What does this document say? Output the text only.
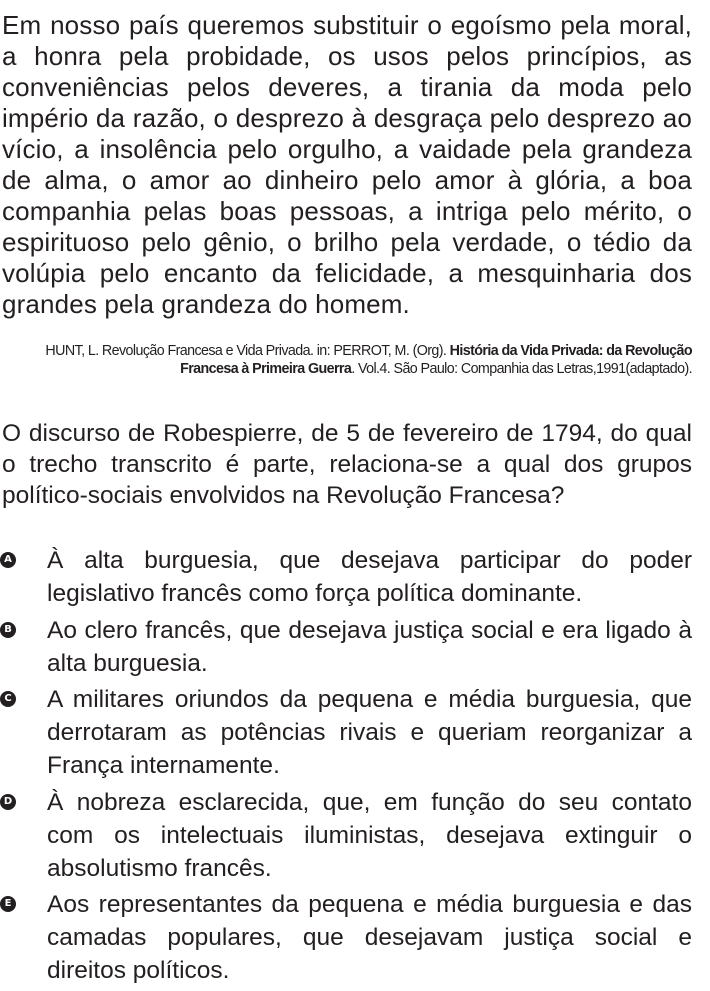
Em nosso país queremos substituir o egoísmo pela moral, a honra pela probidade, os usos pelos princípios, as conveniências pelos deveres, a tirania da moda pelo império da razão, o desprezo à desgraça pelo desprezo ao vício, a insolência pelo orgulho, a vaidade pela grandeza de alma, o amor ao dinheiro pelo amor à glória, a boa companhia pelas boas pessoas, a intriga pelo mérito, o espirituoso pelo gênio, o brilho pela verdade, o tédio da volúpia pelo encanto da felicidade, a mesquinharia dos grandes pela grandeza do homem.

HUNT, L. Revolução Francesa e Vida Privada. in: PERROT, M. (Org). História da Vida Privada: da Revolução Francesa à Primeira Guerra. Vol.4. São Paulo: Companhia das Letras,1991(adaptado).

O discurso de Robespierre, de 5 de fevereiro de 1794, do qual o trecho transcrito é parte, relaciona-se a qual dos grupos político-sociais envolvidos na Revolução Francesa?

A À alta burguesia, que desejava participar do poder legislativo francês como força política dominante.
B Ao clero francês, que desejava justiça social e era ligado à alta burguesia.
C A militares oriundos da pequena e média burguesia, que derrotaram as potências rivais e queriam reorganizar a França internamente.
D À nobreza esclarecida, que, em função do seu contato com os intelectuais iluministas, desejava extinguir o absolutismo francês.
E Aos representantes da pequena e média burguesia e das camadas populares, que desejavam justiça social e direitos políticos.
